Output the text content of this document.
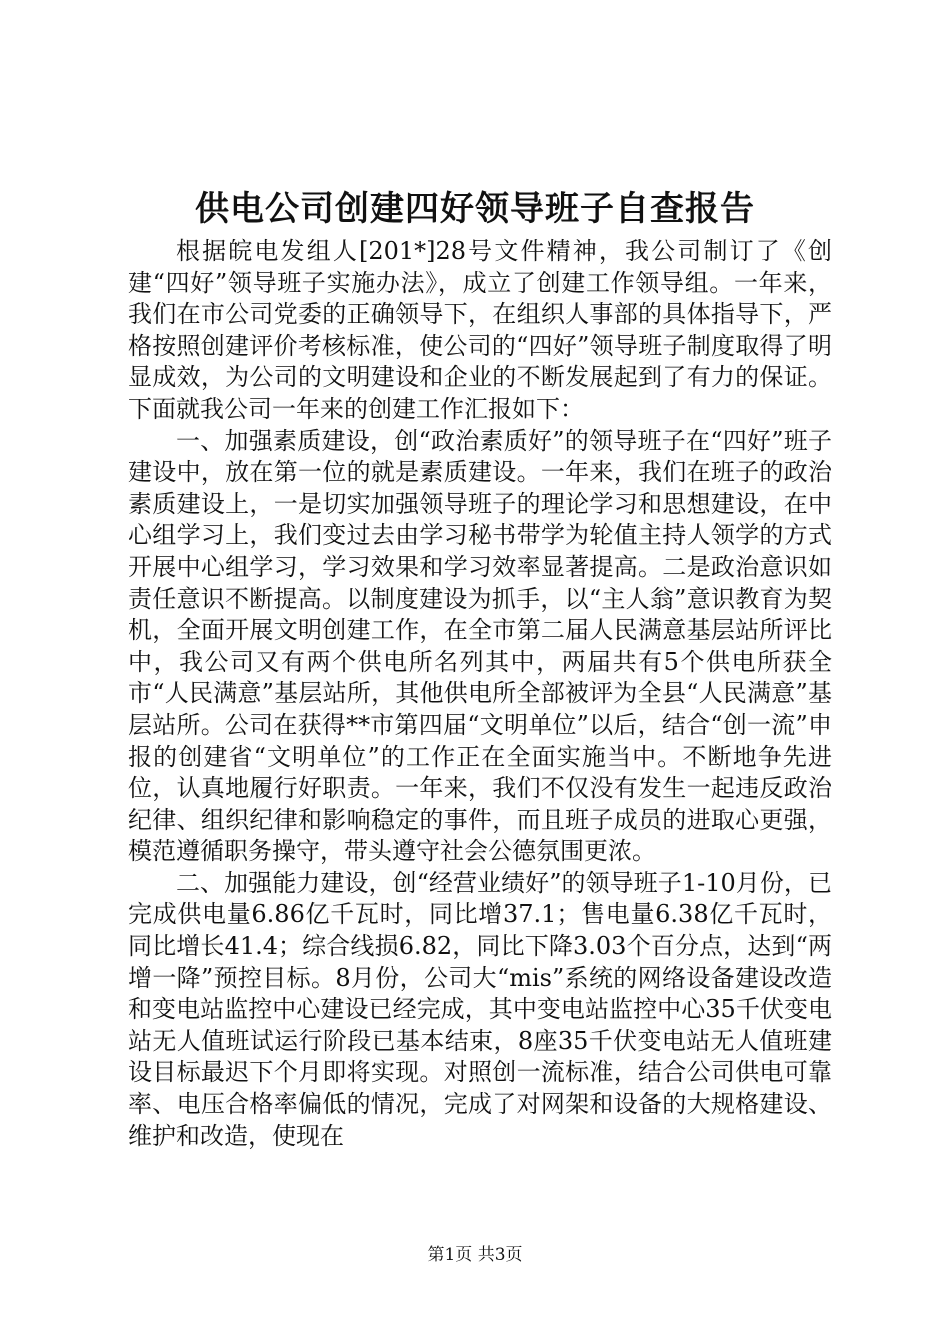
供电公司创建四好领导班子自查报告

根据皖电发组人[201*]28号文件精神，我公司制订了《创建“四好”领导班子实施办法》，成立了创建工作领导组。一年来，我们在市公司党委的正确领导下，在组织人事部的具体指导下，严格按照创建评价考核标准，使公司的“四好”领导班子制度取得了明显成效，为公司的文明建设和企业的不断发展起到了有力的保证。下面就我公司一年来的创建工作汇报如下：

一、加强素质建设，创“政治素质好”的领导班子在“四好”班子建设中，放在第一位的就是素质建设。一年来，我们在班子的政治素质建设上，一是切实加强领导班子的理论学习和思想建设，在中心组学习上，我们变过去由学习秘书带学为轮值主持人领学的方式开展中心组学习，学习效果和学习效率显著提高。二是政治意识如责任意识不断提高。以制度建设为抓手，以“主人翁”意识教育为契机，全面开展文明创建工作，在全市第二届人民满意基层站所评比中，我公司又有两个供电所名列其中，两届共有5个供电所获全市“人民满意”基层站所，其他供电所全部被评为全县“人民满意”基层站所。公司在获得**市第四届“文明单位”以后，结合“创一流”申报的创建省“文明单位”的工作正在全面实施当中。不断地争先进位，认真地履行好职责。一年来，我们不仅没有发生一起违反政治纪律、组织纪律和影响稳定的事件，而且班子成员的进取心更强，模范遵循职务操守，带头遵守社会公德氛围更浓。

二、加强能力建设，创“经营业绩好”的领导班子1-10月份，已完成供电量6.86亿千瓦时，同比增37.1；售电量6.38亿千瓦时，同比增长41.4；综合线损6.82，同比下降3.03个百分点，达到“两增一降”预控目标。8月份，公司大“mis”系统的网络设备建设改造和变电站监控中心建设已经完成，其中变电站监控中心35千伏变电站无人值班试运行阶段已基本结束，8座35千伏变电站无人值班建设目标最迟下个月即将实现。对照创一流标准，结合公司供电可靠率、电压合格率偏低的情况，完成了对网架和设备的大规格建设、维护和改造，使现在

第1页 共3页
